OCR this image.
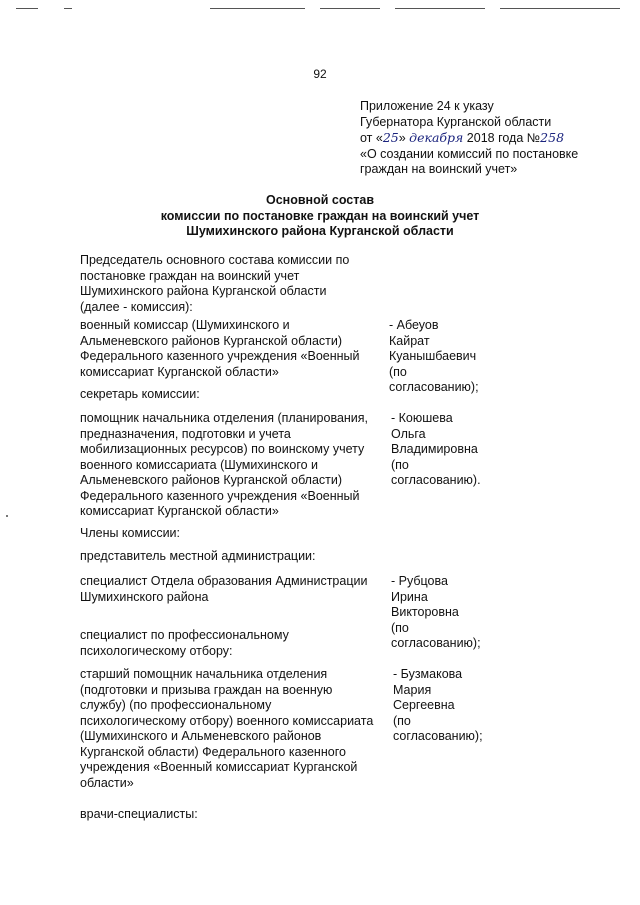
92
Приложение 24 к указу
Губернатора Курганской области
от «25» декабря 2018 года №258
«О создании комиссий по постановке
граждан на воинский учет»
Основной состав
комиссии по постановке граждан на воинский учет
Шумихинского района Курганской области
Председатель основного состава комиссии по
постановке граждан на воинский учет
Шумихинского района Курганской области
(далее - комиссия):
военный комиссар (Шумихинского и
Альменевского районов Курганской области)
Федерального казенного учреждения «Военный
комиссариат Курганской области»
- Абеуов
Кайрат Куанышбаевич
(по согласованию);
секретарь комиссии:
помощник начальника отделения (планирования,
предназначения, подготовки и учета
мобилизационных ресурсов) по воинскому учету
военного комиссариата (Шумихинского и
Альменевского районов Курганской области)
Федерального казенного учреждения «Военный
комиссариат Курганской области»
- Коюшева
Ольга Владимировна
(по согласованию).
Члены комиссии:
представитель местной администрации:
специалист Отдела образования Администрации
Шумихинского района
- Рубцова
Ирина Викторовна
(по согласованию);
специалист по профессиональному
психологическому отбору:
старший помощник начальника отделения
(подготовки и призыва граждан на военную
службу) (по профессиональному
психологическому отбору) военного комиссариата
(Шумихинского и Альменевского районов
Курганской области) Федерального казенного
учреждения «Военный комиссариат Курганской
области»
- Бузмакова
Мария Сергеевна
(по согласованию);
врачи-специалисты:
